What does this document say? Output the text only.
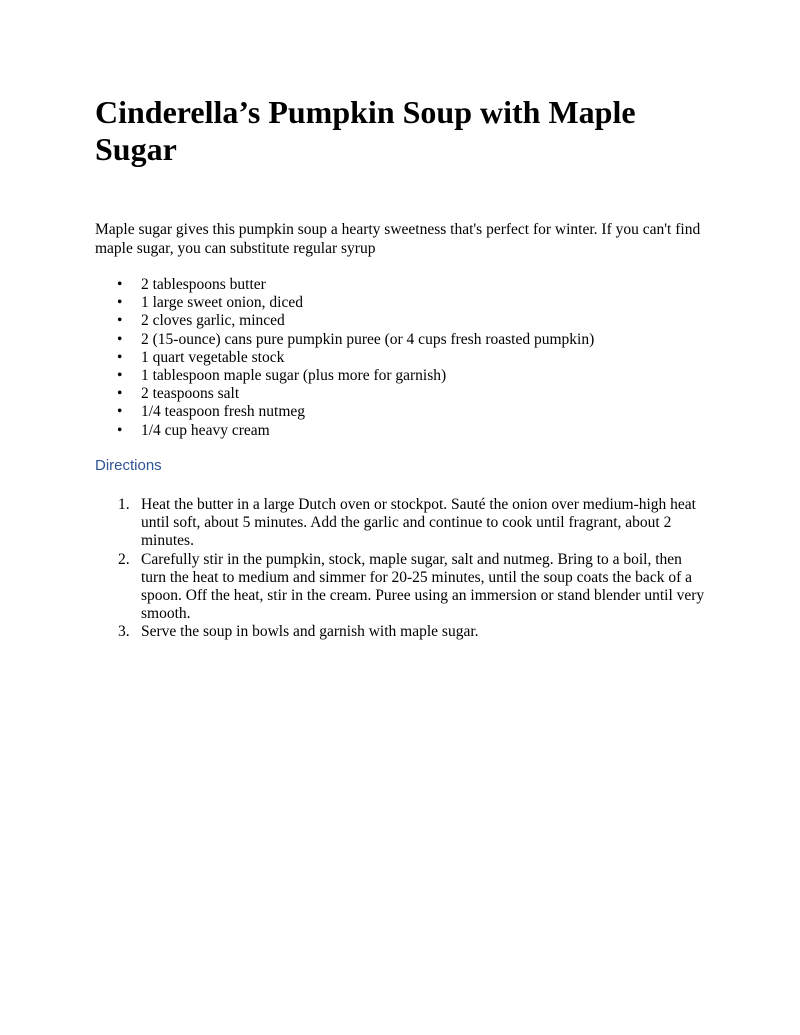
Cinderella’s Pumpkin Soup with Maple Sugar

Maple sugar gives this pumpkin soup a hearty sweetness that's perfect for winter. If you can't find maple sugar, you can substitute regular syrup

• 2 tablespoons butter
• 1 large sweet onion, diced
• 2 cloves garlic, minced
• 2 (15-ounce) cans pure pumpkin puree (or 4 cups fresh roasted pumpkin)
• 1 quart vegetable stock
• 1 tablespoon maple sugar (plus more for garnish)
• 2 teaspoons salt
• 1/4 teaspoon fresh nutmeg
• 1/4 cup heavy cream
Directions
1. Heat the butter in a large Dutch oven or stockpot. Sauté the onion over medium-high heat until soft, about 5 minutes. Add the garlic and continue to cook until fragrant, about 2 minutes.
2. Carefully stir in the pumpkin, stock, maple sugar, salt and nutmeg. Bring to a boil, then turn the heat to medium and simmer for 20-25 minutes, until the soup coats the back of a spoon. Off the heat, stir in the cream. Puree using an immersion or stand blender until very smooth.
3. Serve the soup in bowls and garnish with maple sugar.
